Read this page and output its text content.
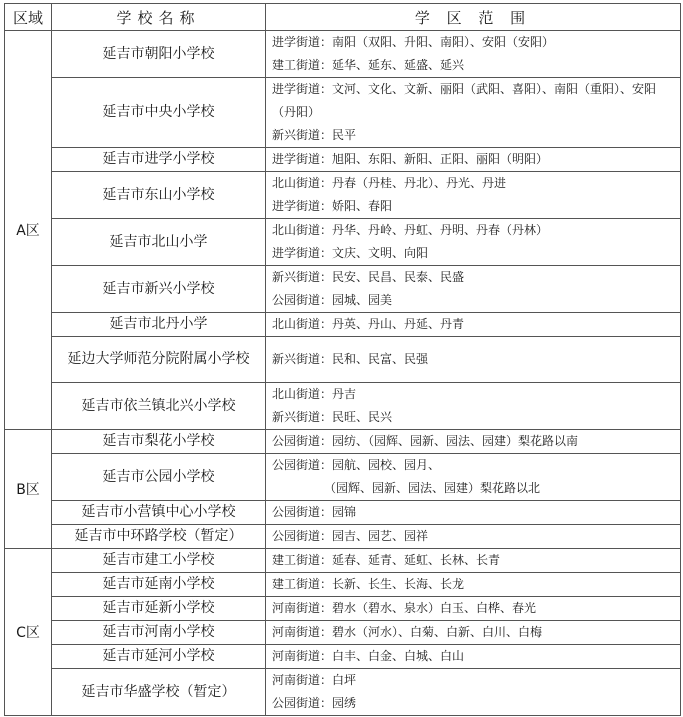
区域	学校名称	学 区 范 围
A区	延吉市朝阳小学校	进学街道：南阳（双阳、升阳、南阳）、安阳（安阳）
建工街道：延华、延东、延盛、延兴

	延吉市中央小学校	进学街道：文河、文化、文新、丽阳（武阳、喜阳）、南阳（重阳）、安阳（丹阳）
新兴街道：民平

	延吉市进学小学校	进学街道：旭阳、东阳、新阳、正阳、丽阳（明阳）

	延吉市东山小学校	北山街道：丹春（丹桂、丹北）、丹光、丹进
进学街道：娇阳、春阳

	延吉市北山小学	北山街道：丹华、丹岭、丹虹、丹明、丹春（丹林）
进学街道：文庆、文明、向阳

	延吉市新兴小学校	新兴街道：民安、民昌、民泰、民盛
公园街道：园城、园美

	延吉市北丹小学	北山街道：丹英、丹山、丹延、丹青

	延边大学师范分院附属小学校	新兴街道：民和、民富、民强

	延吉市依兰镇北兴小学校	北山街道：丹吉
新兴街道：民旺、民兴

B区	延吉市梨花小学校	公园街道：园纺、（园辉、园新、园法、园建）梨花路以南

	延吉市公园小学校	公园街道：园航、园校、园月、
（园辉、园新、园法、园建）梨花路以北

	延吉市小营镇中心小学校	公园街道：园锦

	延吉市中环路学校（暂定）	公园街道：园吉、园艺、园祥

C区	延吉市建工小学校	建工街道：延春、延青、延虹、长林、长青

	延吉市延南小学校	建工街道：长新、长生、长海、长龙

	延吉市延新小学校	河南街道：碧水（碧水、泉水）白玉、白桦、春光

	延吉市河南小学校	河南街道：碧水（河水）、白菊、白新、白川、白梅

	延吉市延河小学校	河南街道：白丰、白金、白城、白山

	延吉市华盛学校（暂定）	河南街道：白坪
公园街道：园绣
